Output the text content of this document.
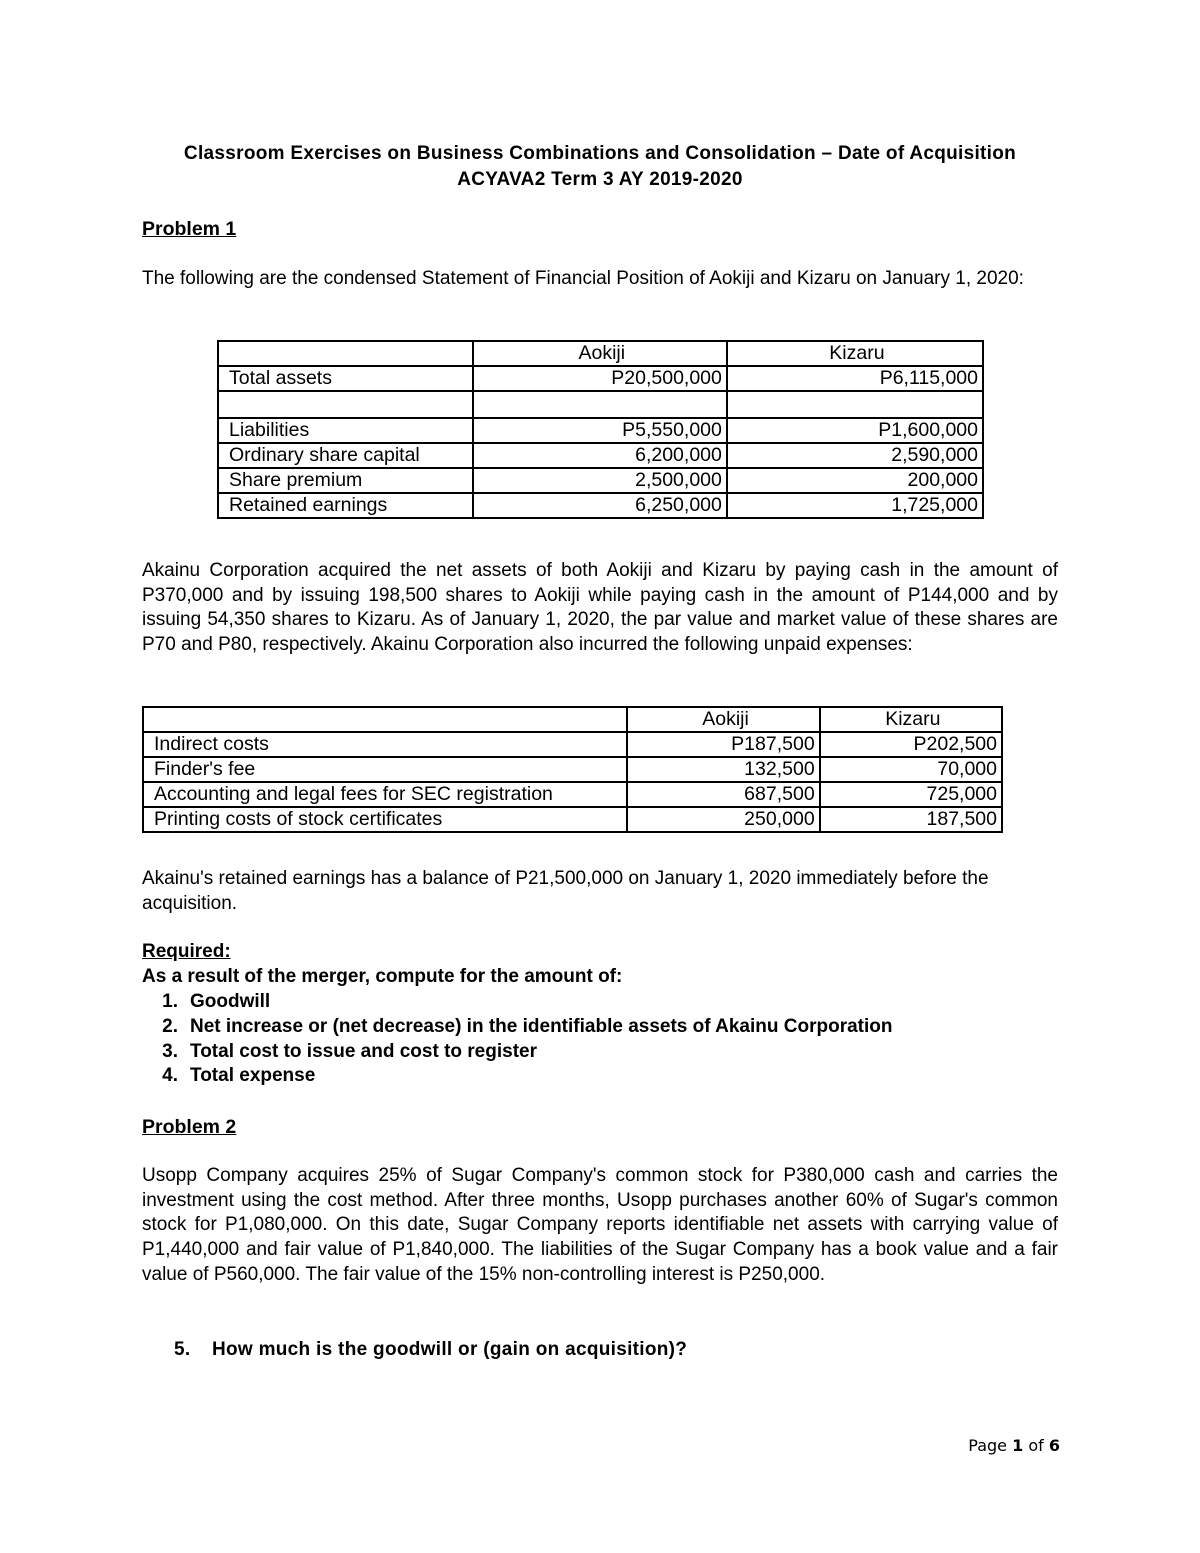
Classroom Exercises on Business Combinations and Consolidation – Date of Acquisition
ACYAVA2 Term 3 AY 2019-2020
Problem 1
The following are the condensed Statement of Financial Position of Aokiji and Kizaru on January 1, 2020:
	Aokiji	Kizaru
Total assets	P20,500,000	P6,115,000

Liabilities	P5,550,000	P1,600,000
Ordinary share capital	6,200,000	2,590,000
Share premium	2,500,000	200,000
Retained earnings	6,250,000	1,725,000
Akainu Corporation acquired the net assets of both Aokiji and Kizaru by paying cash in the amount of P370,000 and by issuing 198,500 shares to Aokiji while paying cash in the amount of P144,000 and by issuing 54,350 shares to Kizaru. As of January 1, 2020, the par value and market value of these shares are P70 and P80, respectively. Akainu Corporation also incurred the following unpaid expenses:
	Aokiji	Kizaru
Indirect costs	P187,500	P202,500
Finder's fee	132,500	70,000
Accounting and legal fees for SEC registration	687,500	725,000
Printing costs of stock certificates	250,000	187,500
Akainu's retained earnings has a balance of P21,500,000 on January 1, 2020 immediately before the acquisition.
Required:
As a result of the merger, compute for the amount of:
1. Goodwill
2. Net increase or (net decrease) in the identifiable assets of Akainu Corporation
3. Total cost to issue and cost to register
4. Total expense
Problem 2
Usopp Company acquires 25% of Sugar Company's common stock for P380,000 cash and carries the investment using the cost method. After three months, Usopp purchases another 60% of Sugar's common stock for P1,080,000. On this date, Sugar Company reports identifiable net assets with carrying value of P1,440,000 and fair value of P1,840,000. The liabilities of the Sugar Company has a book value and a fair value of P560,000. The fair value of the 15% non-controlling interest is P250,000.
5. How much is the goodwill or (gain on acquisition)?
Page 1 of 6
